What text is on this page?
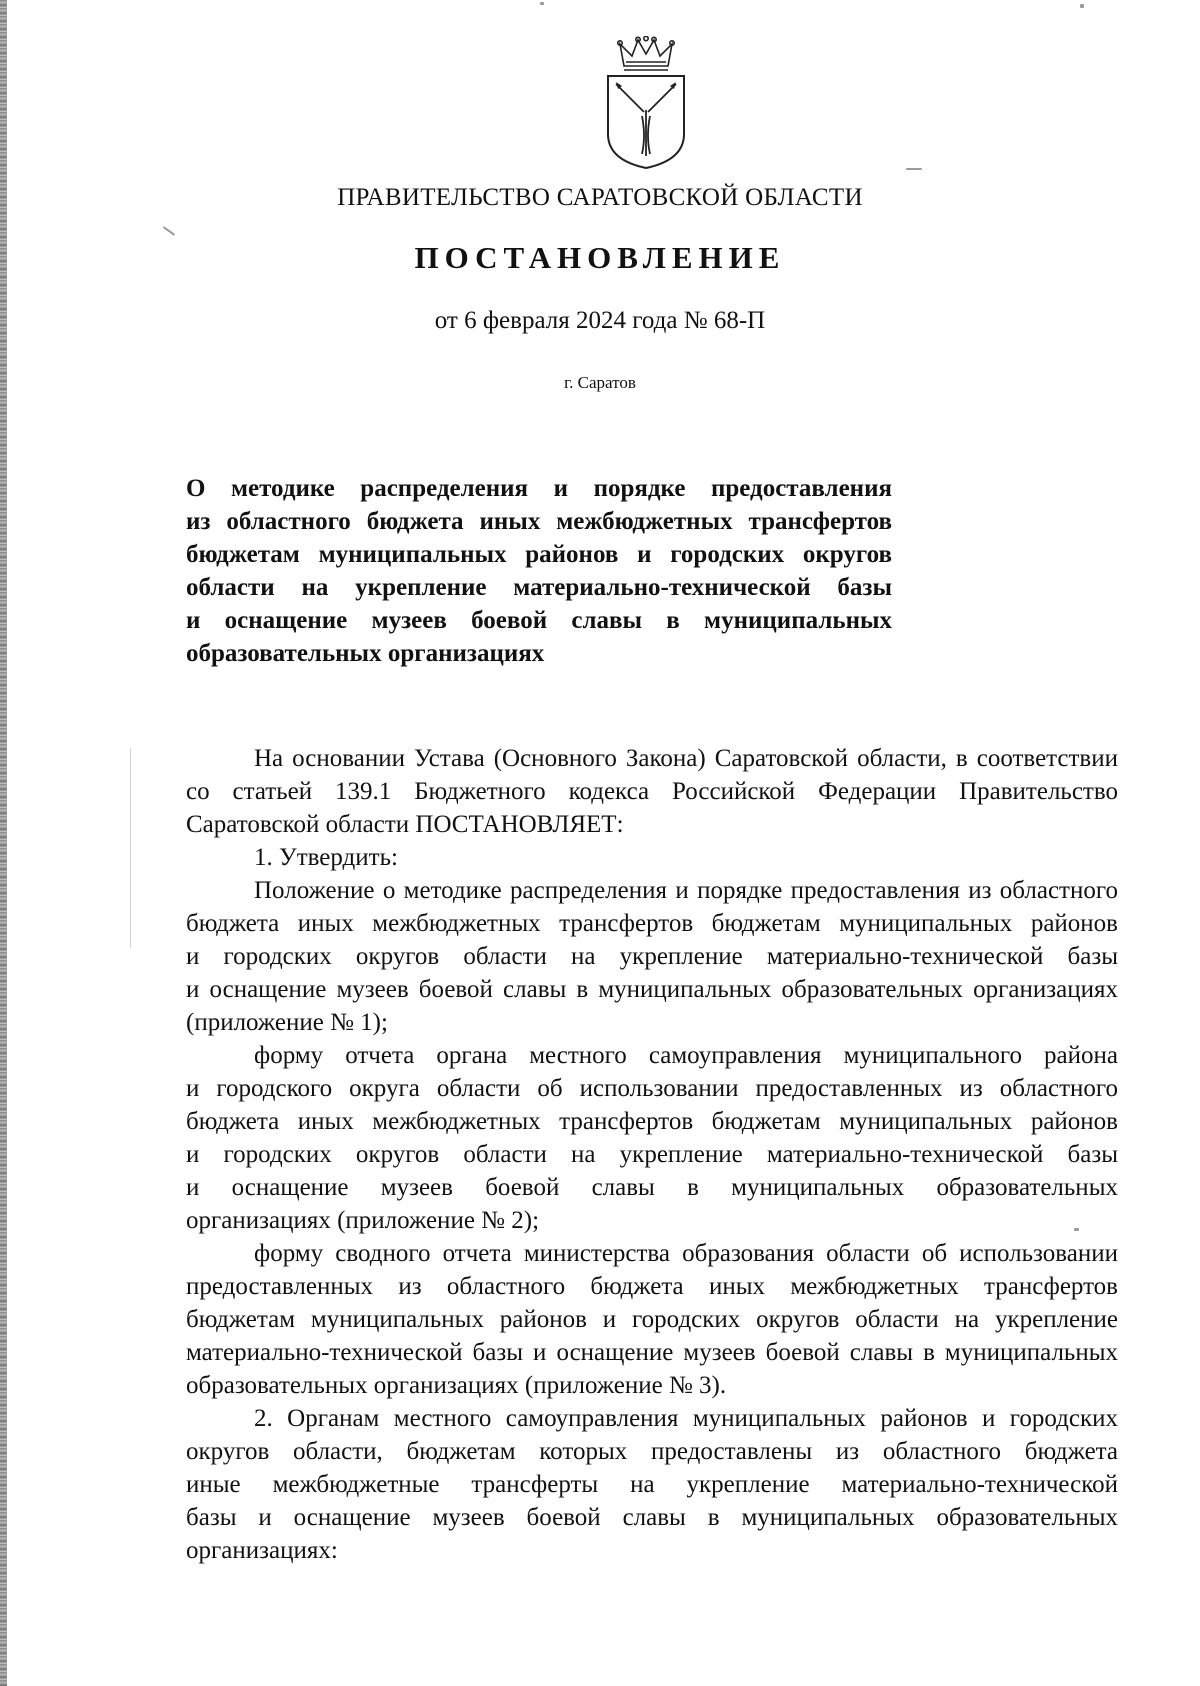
ПРАВИТЕЛЬСТВО САРАТОВСКОЙ ОБЛАСТИ
ПОСТАНОВЛЕНИЕ
от 6 февраля 2024 года № 68-П
г. Саратов
О методике распределения и порядке предоставления
из областного бюджета иных межбюджетных трансфертов
бюджетам муниципальных районов и городских округов
области на укрепление материально-технической базы
и оснащение музеев боевой славы в муниципальных
образовательных организациях
На основании Устава (Основного Закона) Саратовской области, в соответствии
со статьей 139.1 Бюджетного кодекса Российской Федерации Правительство
Саратовской области ПОСТАНОВЛЯЕТ:
1. Утвердить:
Положение о методике распределения и порядке предоставления из областного
бюджета иных межбюджетных трансфертов бюджетам муниципальных районов
и городских округов области на укрепление материально-технической базы
и оснащение музеев боевой славы в муниципальных образовательных организациях
(приложение № 1);
форму отчета органа местного самоуправления муниципального района
и городского округа области об использовании предоставленных из областного
бюджета иных межбюджетных трансфертов бюджетам муниципальных районов
и городских округов области на укрепление материально-технической базы
и оснащение музеев боевой славы в муниципальных образовательных
организациях (приложение № 2);
форму сводного отчета министерства образования области об использовании
предоставленных из областного бюджета иных межбюджетных трансфертов
бюджетам муниципальных районов и городских округов области на укрепление
материально-технической базы и оснащение музеев боевой славы в муниципальных
образовательных организациях (приложение № 3).
2. Органам местного самоуправления муниципальных районов и городских
округов области, бюджетам которых предоставлены из областного бюджета
иные межбюджетные трансферты на укрепление материально-технической
базы и оснащение музеев боевой славы в муниципальных образовательных
организациях:
